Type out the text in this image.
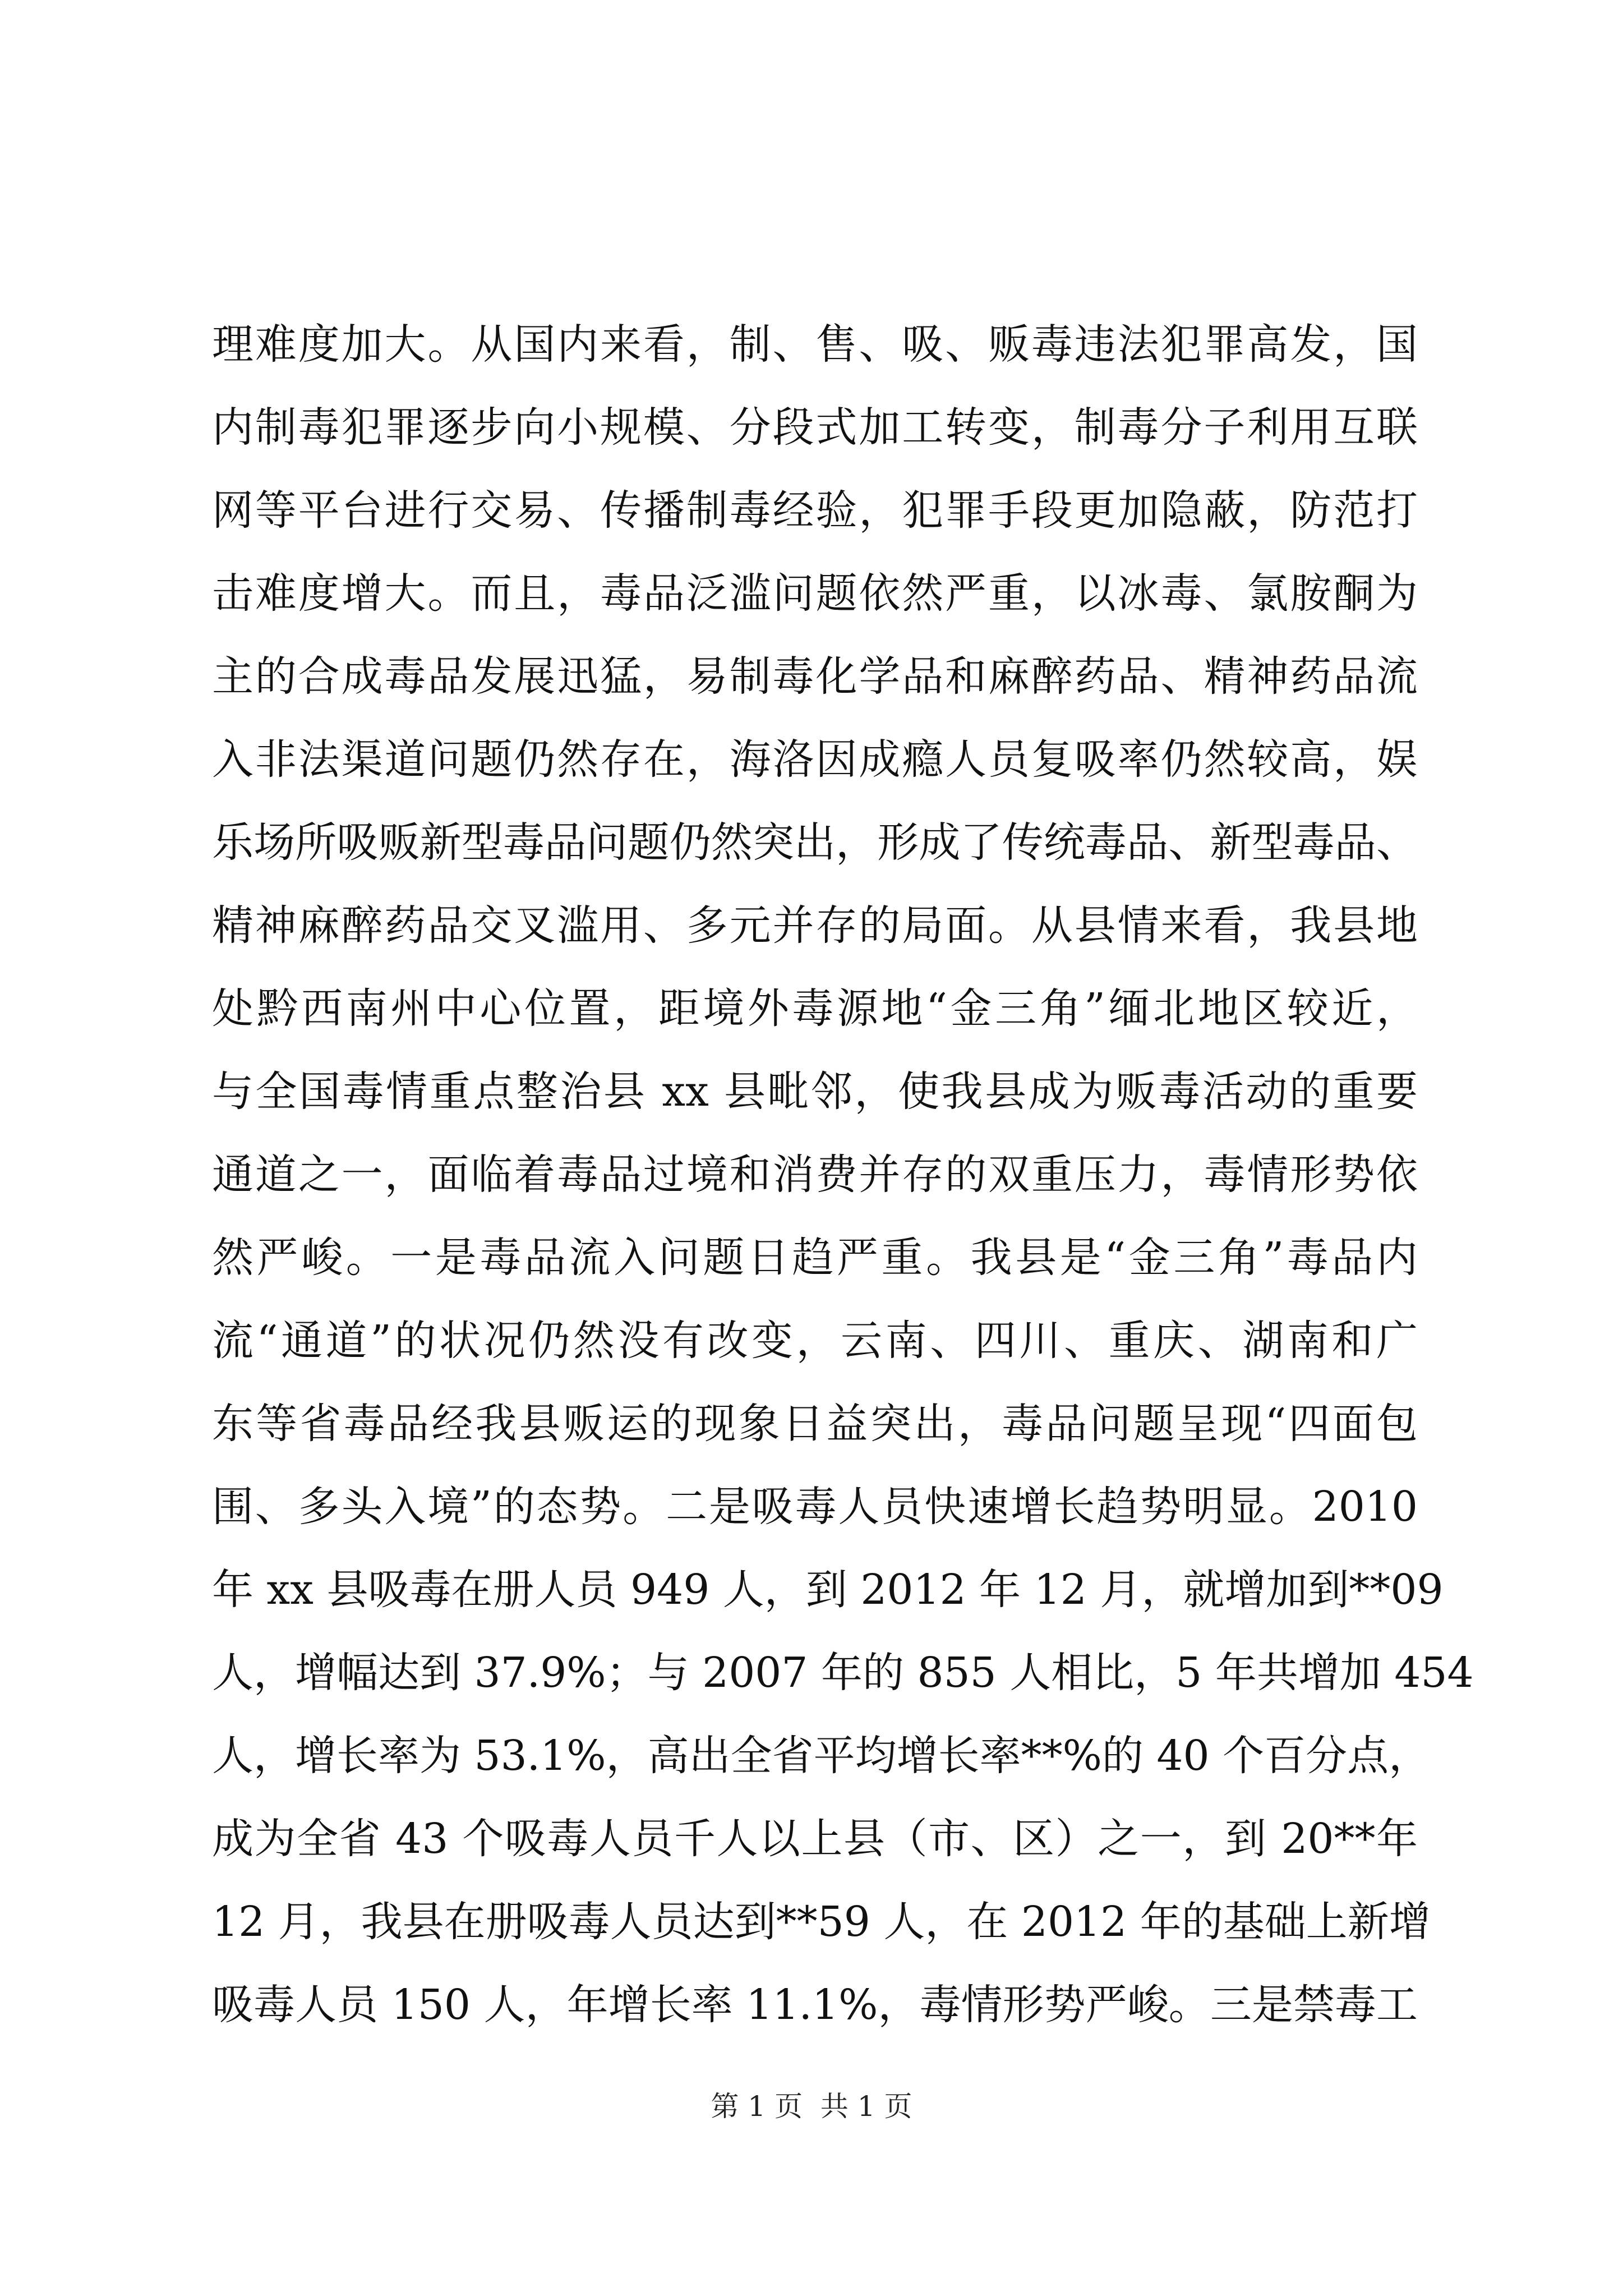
理难度加大。从国内来看，制、售、吸、贩毒违法犯罪高发，国
内制毒犯罪逐步向小规模、分段式加工转变，制毒分子利用互联
网等平台进行交易、传播制毒经验，犯罪手段更加隐蔽，防范打
击难度增大。而且，毒品泛滥问题依然严重，以冰毒、氯胺酮为
主的合成毒品发展迅猛，易制毒化学品和麻醉药品、精神药品流
入非法渠道问题仍然存在，海洛因成瘾人员复吸率仍然较高，娱
乐场所吸贩新型毒品问题仍然突出，形成了传统毒品、新型毒品、
精神麻醉药品交叉滥用、多元并存的局面。从县情来看，我县地
处黔西南州中心位置，距境外毒源地“金三角”缅北地区较近，
与全国毒情重点整治县 xx 县毗邻，使我县成为贩毒活动的重要
通道之一，面临着毒品过境和消费并存的双重压力，毒情形势依
然严峻。一是毒品流入问题日趋严重。我县是“金三角”毒品内
流“通道”的状况仍然没有改变，云南、四川、重庆、湖南和广
东等省毒品经我县贩运的现象日益突出，毒品问题呈现“四面包
围、多头入境”的态势。二是吸毒人员快速增长趋势明显。2010
年 xx 县吸毒在册人员 949 人，到 2012 年 12 月，就增加到**09
人，增幅达到 37.9%；与 2007 年的 855 人相比，5 年共增加 454
人，增长率为 53.1%，高出全省平均增长率**%的 40 个百分点，
成为全省 43 个吸毒人员千人以上县（市、区）之一，到 20**年
12 月，我县在册吸毒人员达到**59 人，在 2012 年的基础上新增
吸毒人员 150 人，年增长率 11.1%，毒情形势严峻。三是禁毒工
第 1 页  共 1 页
